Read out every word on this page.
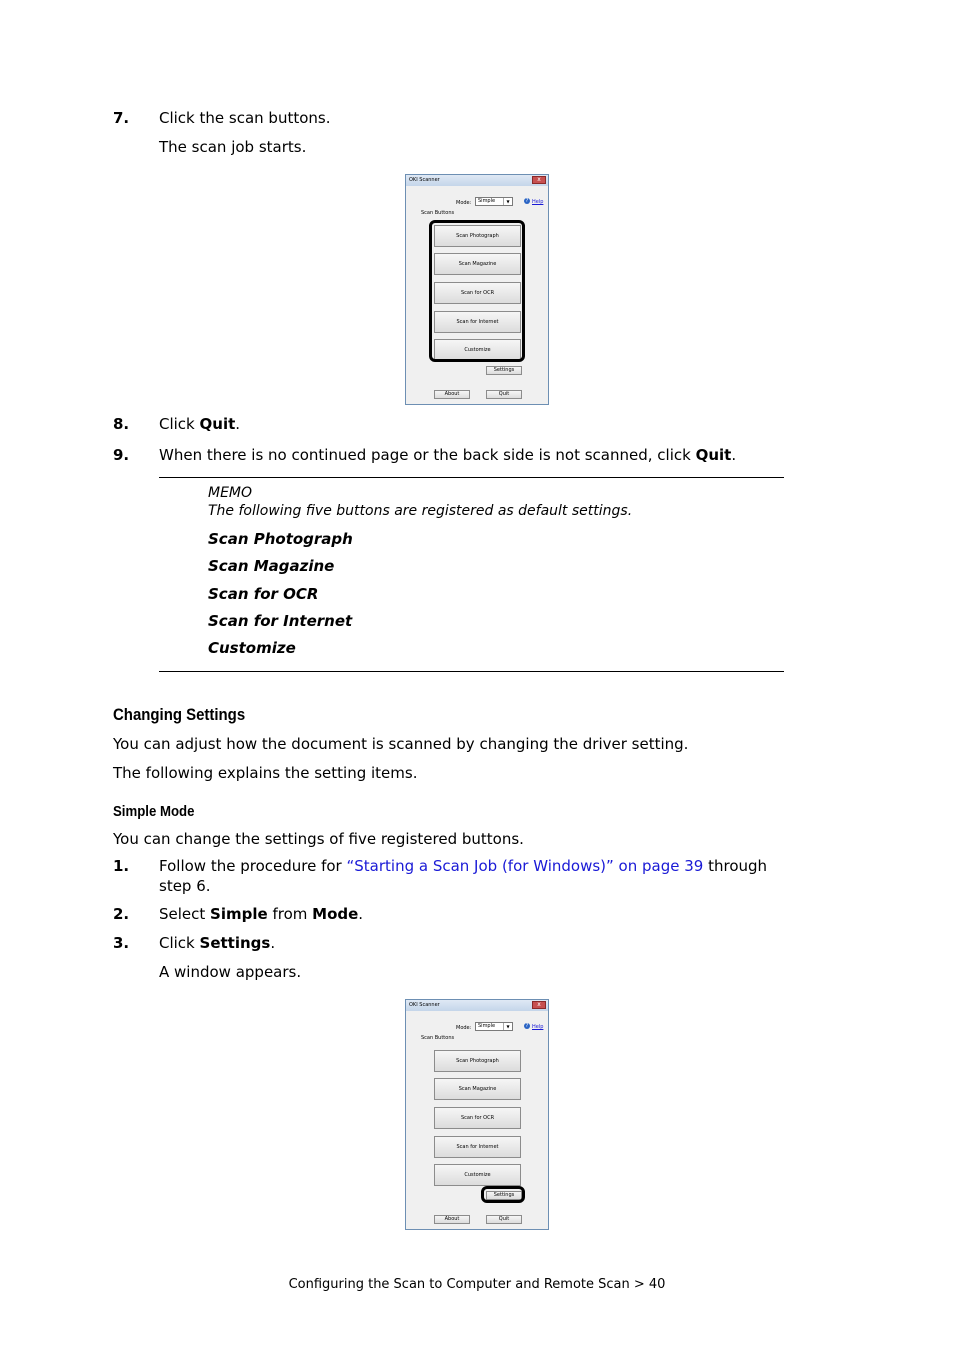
7. Click the scan buttons.
The scan job starts.
OKI Scanner	x
Mode:	Simple	▼	? Help
Scan Buttons
Scan Photograph
Scan Magazine
Scan for OCR
Scan for Internet
Customize
Settings
About	Quit
8. Click Quit.
9. When there is no continued page or the back side is not scanned, click Quit.
MEMO
The following five buttons are registered as default settings.
Scan Photograph
Scan Magazine
Scan for OCR
Scan for Internet
Customize
Changing Settings
You can adjust how the document is scanned by changing the driver setting.
The following explains the setting items.
Simple Mode
You can change the settings of five registered buttons.
1. Follow the procedure for “Starting a Scan Job (for Windows)” on page 39 through
step 6.
2. Select Simple from Mode.
3. Click Settings.
A window appears.
OKI Scanner	x
Mode:	Simple	▼	? Help
Scan Buttons
Scan Photograph
Scan Magazine
Scan for OCR
Scan for Internet
Customize
Settings
About	Quit
Configuring the Scan to Computer and Remote Scan > 40
